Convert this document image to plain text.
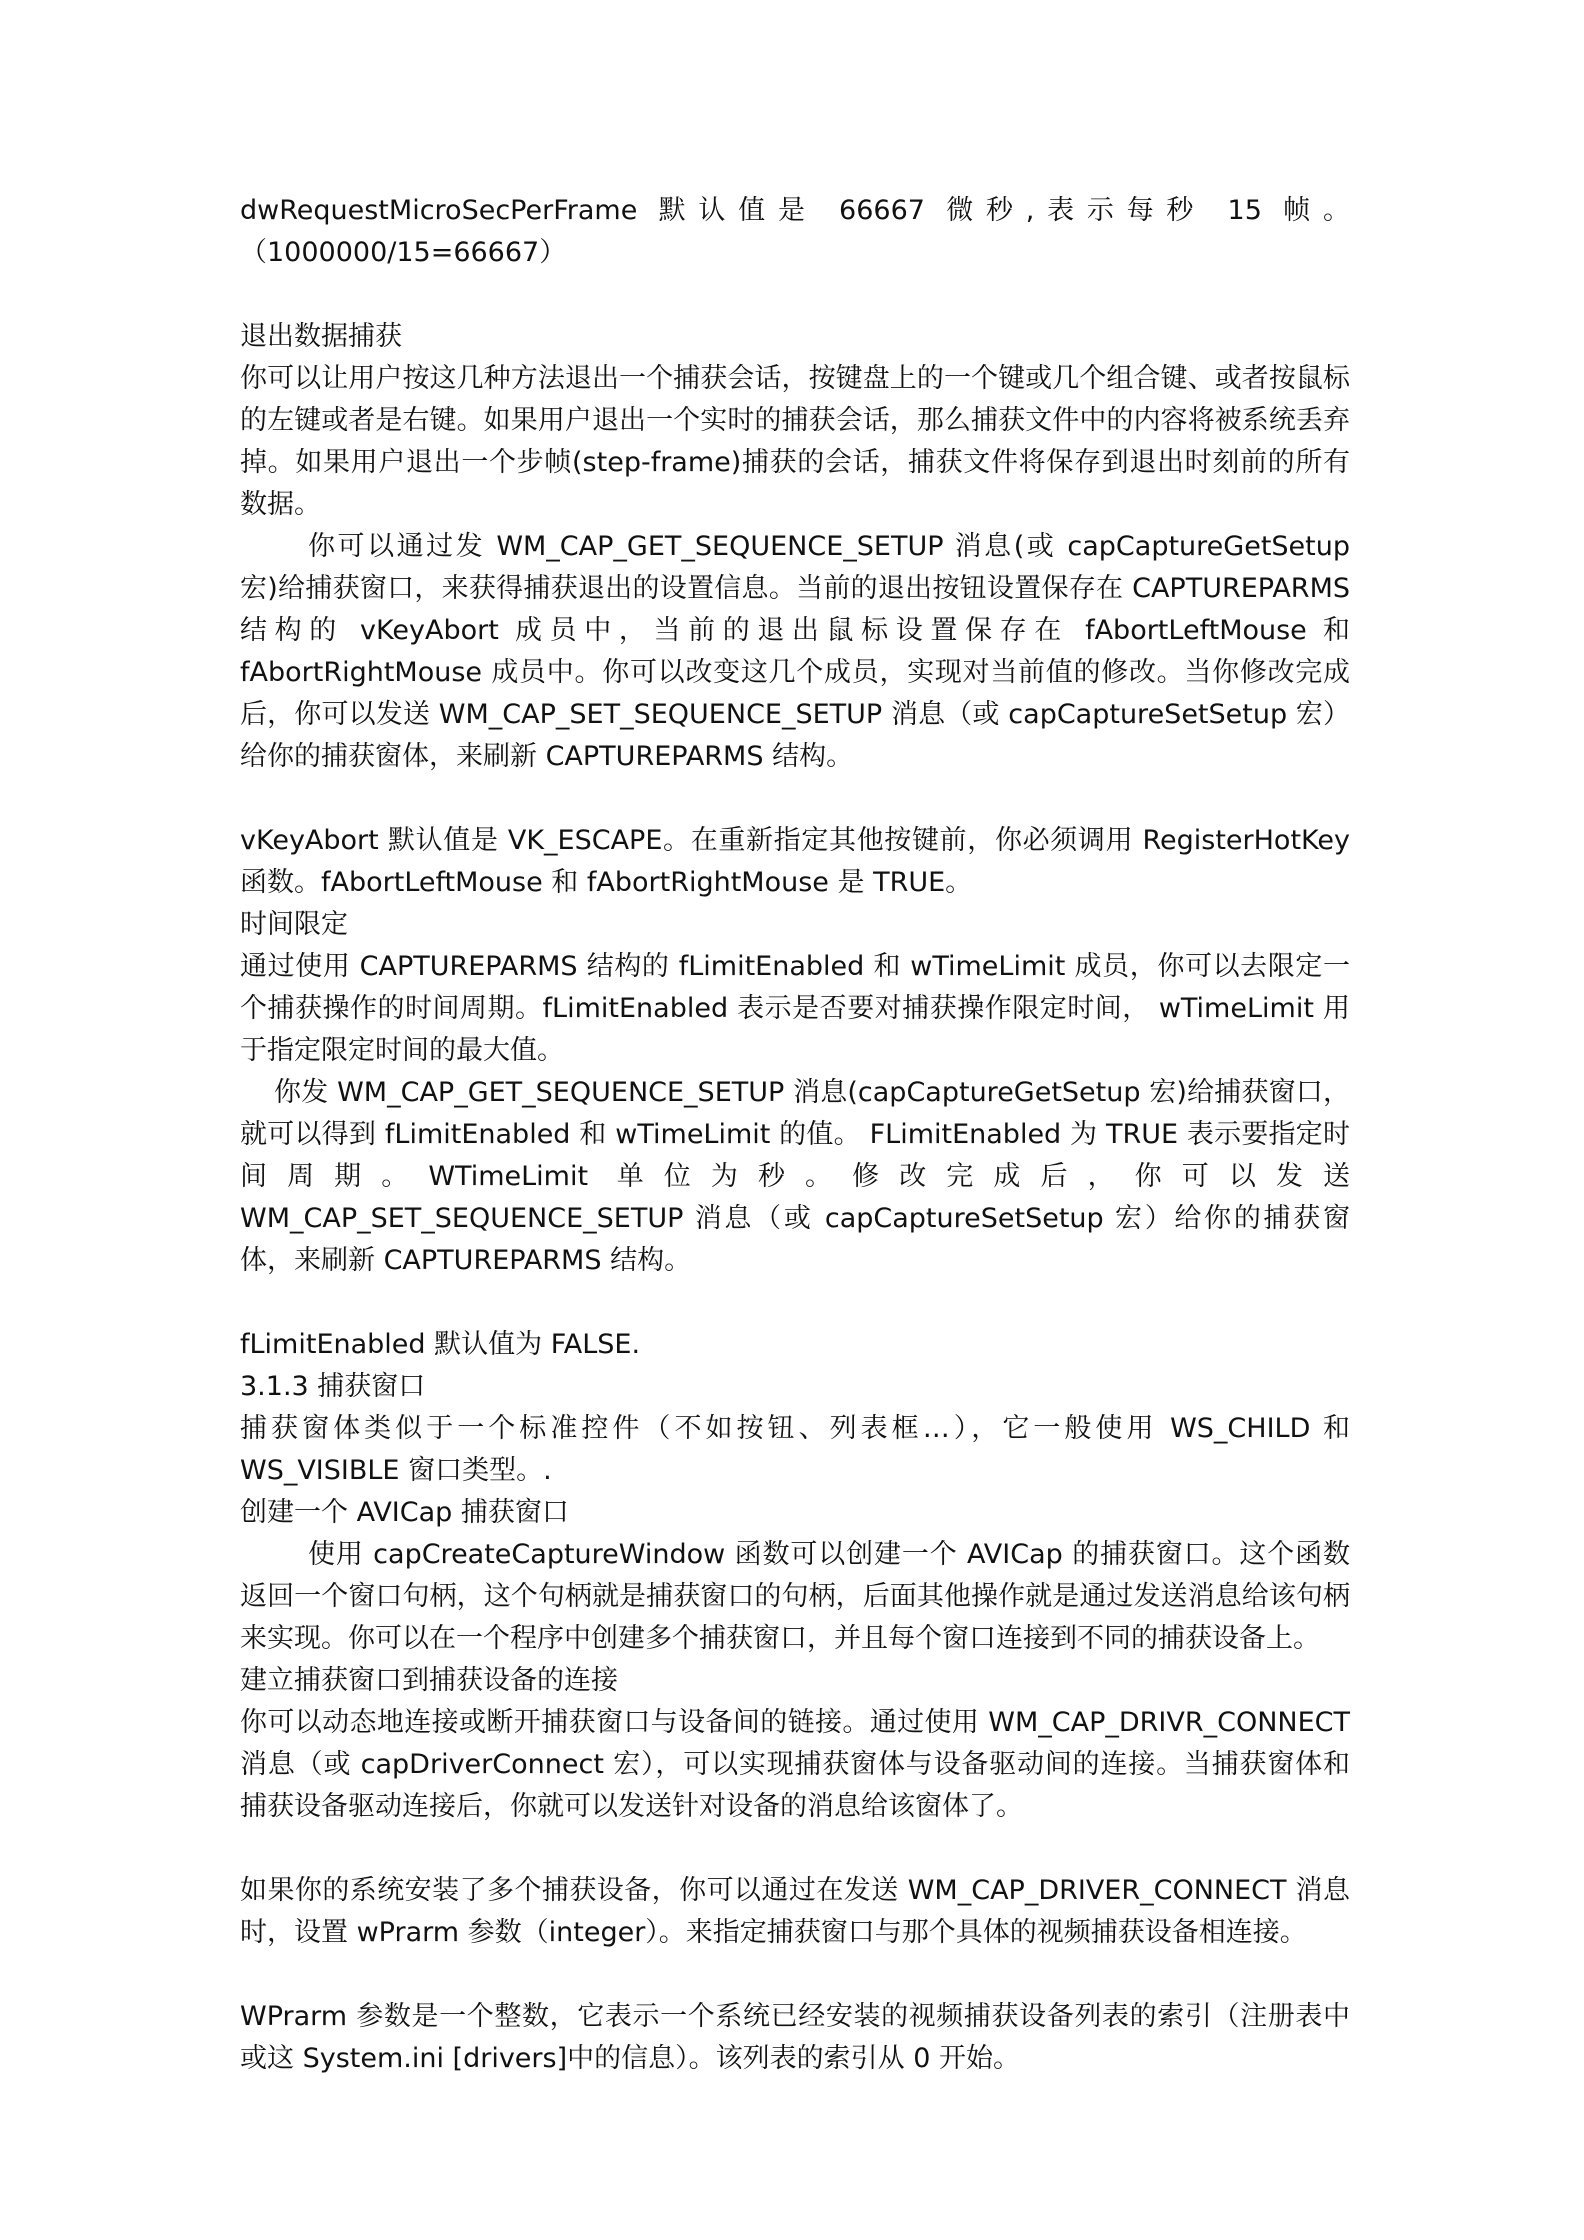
dwRequestMicroSecPerFrame 默认值是 66667 微秒,表示每秒 15 帧。（1000000/15=66667）
退出数据捕获
你可以让用户按这几种方法退出一个捕获会话，按键盘上的一个键或几个组合键、或者按鼠标的左键或者是右键。如果用户退出一个实时的捕获会话，那么捕获文件中的内容将被系统丢弃掉。如果用户退出一个步帧(step-frame)捕获的会话，捕获文件将保存到退出时刻前的所有数据。
你可以通过发 WM_CAP_GET_SEQUENCE_SETUP 消息(或 capCaptureGetSetup 宏)给捕获窗口，来获得捕获退出的设置信息。当前的退出按钮设置保存在 CAPTUREPARMS 结构的 vKeyAbort 成员中，当前的退出鼠标设置保存在 fAbortLeftMouse 和 fAbortRightMouse 成员中。你可以改变这几个成员，实现对当前值的修改。当你修改完成后，你可以发送 WM_CAP_SET_SEQUENCE_SETUP 消息（或 capCaptureSetSetup 宏）给你的捕获窗体，来刷新 CAPTUREPARMS 结构。
vKeyAbort 默认值是 VK_ESCAPE。在重新指定其他按键前，你必须调用 RegisterHotKey 函数。fAbortLeftMouse 和 fAbortRightMouse 是 TRUE。
时间限定
通过使用 CAPTUREPARMS 结构的 fLimitEnabled 和 wTimeLimit 成员，你可以去限定一个捕获操作的时间周期。fLimitEnabled 表示是否要对捕获操作限定时间， wTimeLimit 用于指定限定时间的最大值。
你发 WM_CAP_GET_SEQUENCE_SETUP 消息(capCaptureGetSetup 宏)给捕获窗口，就可以得到 fLimitEnabled 和 wTimeLimit 的值。 FLimitEnabled 为 TRUE 表示要指定时间周期。WTimeLimit 单位为秒。修改完成后，你可以发送 WM_CAP_SET_SEQUENCE_SETUP 消息（或 capCaptureSetSetup 宏）给你的捕获窗体，来刷新 CAPTUREPARMS 结构。
fLimitEnabled 默认值为 FALSE.
3.1.3 捕获窗口
捕获窗体类似于一个标准控件（不如按钮、列表框…），它一般使用 WS_CHILD 和 WS_VISIBLE 窗口类型。.
创建一个 AVICap 捕获窗口
使用 capCreateCaptureWindow 函数可以创建一个 AVICap 的捕获窗口。这个函数返回一个窗口句柄，这个句柄就是捕获窗口的句柄，后面其他操作就是通过发送消息给该句柄来实现。你可以在一个程序中创建多个捕获窗口，并且每个窗口连接到不同的捕获设备上。
建立捕获窗口到捕获设备的连接
你可以动态地连接或断开捕获窗口与设备间的链接。通过使用 WM_CAP_DRIVR_CONNECT 消息（或 capDriverConnect 宏），可以实现捕获窗体与设备驱动间的连接。当捕获窗体和捕获设备驱动连接后，你就可以发送针对设备的消息给该窗体了。
如果你的系统安装了多个捕获设备，你可以通过在发送 WM_CAP_DRIVER_CONNECT 消息时，设置 wPrarm 参数（integer）。来指定捕获窗口与那个具体的视频捕获设备相连接。
WPrarm 参数是一个整数，它表示一个系统已经安装的视频捕获设备列表的索引（注册表中或这 System.ini [drivers]中的信息）。该列表的索引从 0 开始。
